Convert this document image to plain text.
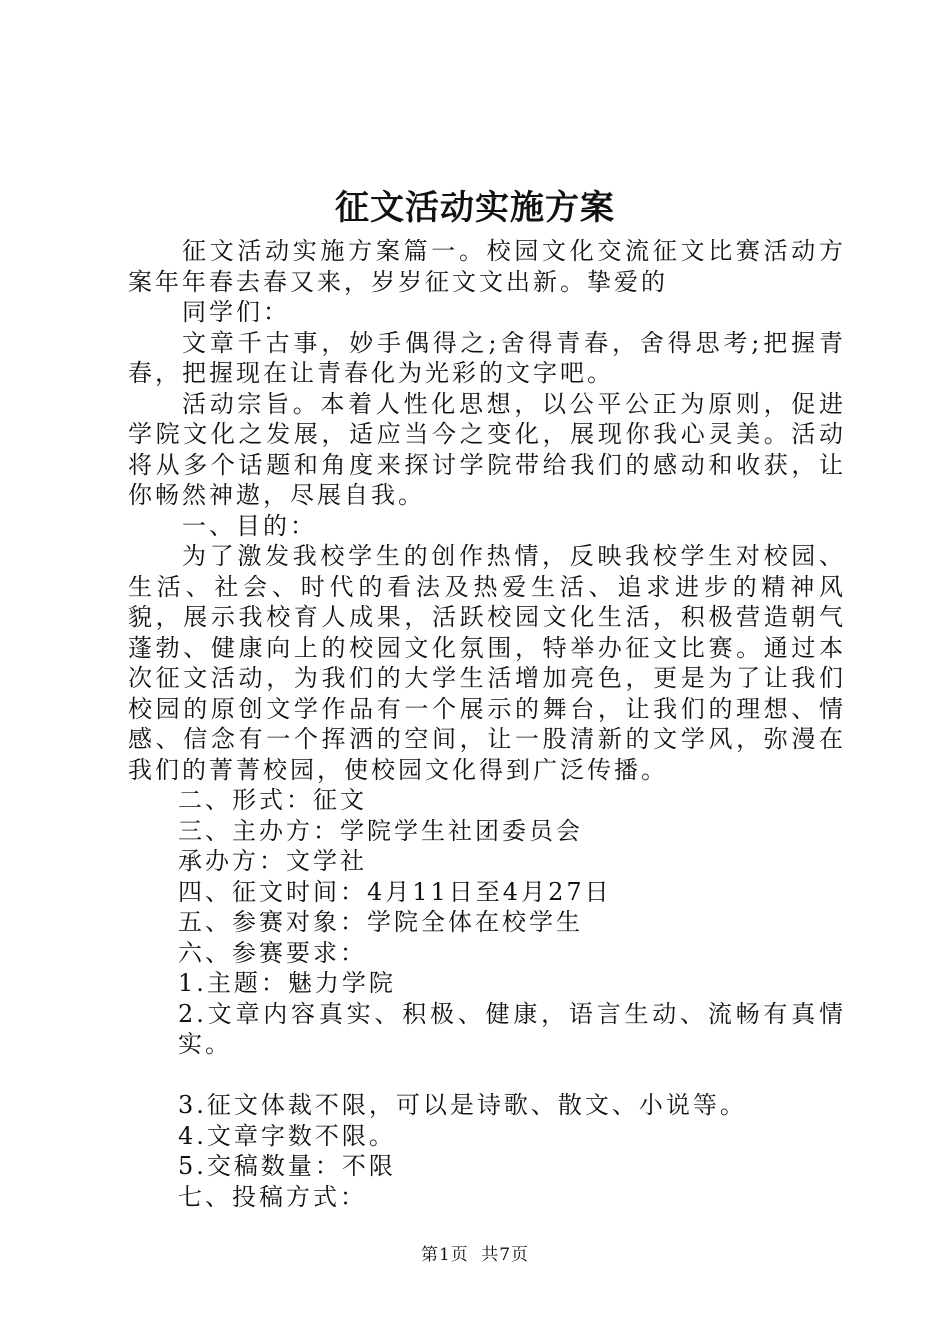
征文活动实施方案

征文活动实施方案篇一。校园文化交流征文比赛活动方案年年春去春又来，岁岁征文文出新。挚爱的

同学们：

文章千古事，妙手偶得之;舍得青春，舍得思考;把握青春，把握现在让青春化为光彩的文字吧。

活动宗旨。本着人性化思想，以公平公正为原则，促进学院文化之发展，适应当今之变化，展现你我心灵美。活动将从多个话题和角度来探讨学院带给我们的感动和收获，让你畅然神遨，尽展自我。

一、目的：

为了激发我校学生的创作热情，反映我校学生对校园、生活、社会、时代的看法及热爱生活、追求进步的精神风貌，展示我校育人成果，活跃校园文化生活，积极营造朝气蓬勃、健康向上的校园文化氛围，特举办征文比赛。通过本次征文活动，为我们的大学生活增加亮色，更是为了让我们校园的原创文学作品有一个展示的舞台，让我们的理想、情感、信念有一个挥洒的空间，让一股清新的文学风，弥漫在我们的菁菁校园，使校园文化得到广泛传播。

二、形式：征文

三、主办方：学院学生社团委员会

承办方：文学社

四、征文时间：4月11日至4月27日

五、参赛对象：学院全体在校学生

六、参赛要求：

1.主题：魅力学院

2.文章内容真实、积极、健康，语言生动、流畅有真情实。

3.征文体裁不限，可以是诗歌、散文、小说等。

4.文章字数不限。

5.交稿数量：不限

七、投稿方式：

第1页 共7页
